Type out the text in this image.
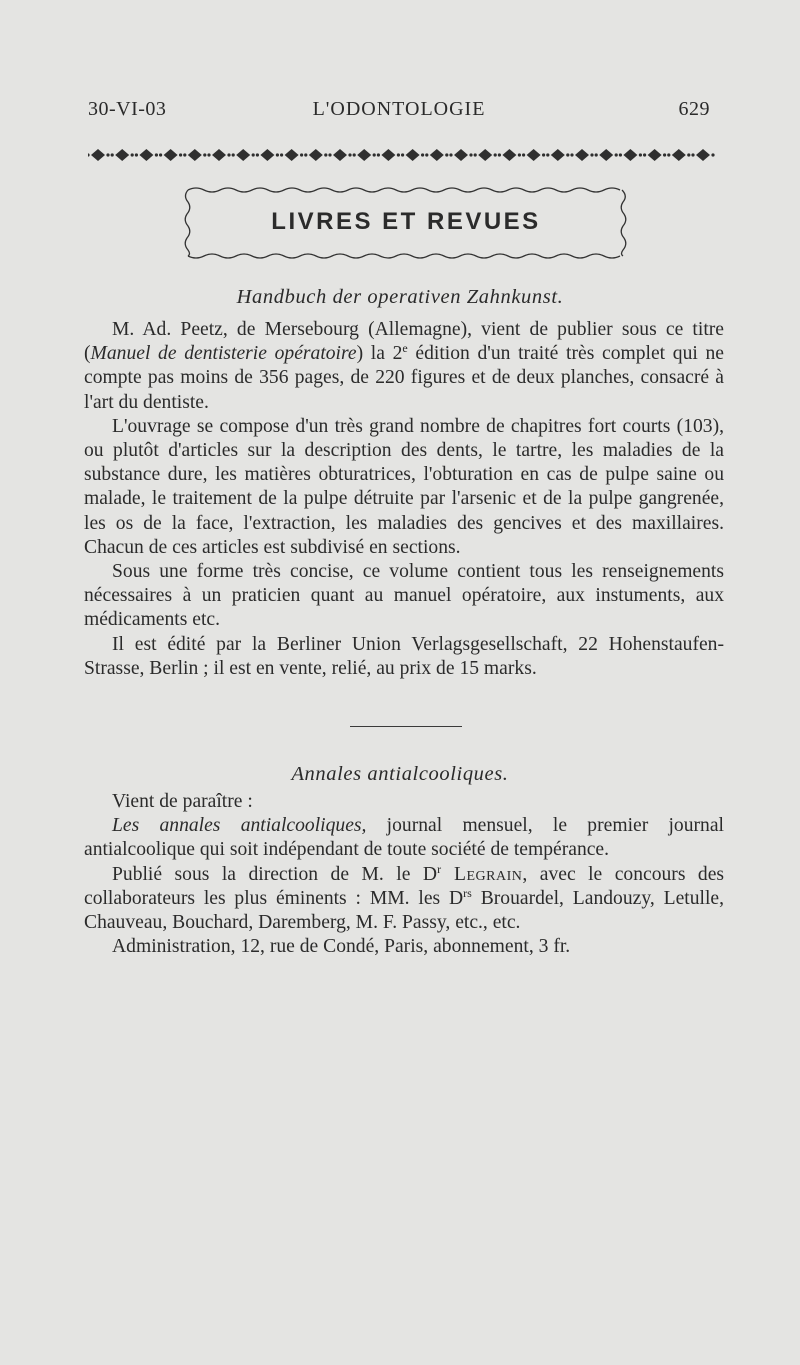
30-VI-03	L'ODONTOLOGIE	629
LIVRES ET REVUES
Handbuch der operativen Zahnkunst.

M. Ad. Peetz, de Mersebourg (Allemagne), vient de publier sous ce titre (Manuel de dentisterie opératoire) la 2e édition d'un traité très complet qui ne compte pas moins de 356 pages, de 220 figures et de deux planches, consacré à l'art du dentiste.

L'ouvrage se compose d'un très grand nombre de chapitres fort courts (103), ou plutôt d'articles sur la description des dents, le tartre, les maladies de la substance dure, les matières obturatrices, l'obturation en cas de pulpe saine ou malade, le traitement de la pulpe détruite par l'arsenic et de la pulpe gangrenée, les os de la face, l'extraction, les maladies des gencives et des maxillaires. Chacun de ces articles est subdivisé en sections.

Sous une forme très concise, ce volume contient tous les renseignements nécessaires à un praticien quant au manuel opératoire, aux instuments, aux médicaments etc.

Il est édité par la Berliner Union Verlagsgesellschaft, 22 Hohenstaufen-Strasse, Berlin ; il est en vente, relié, au prix de 15 marks.

Annales antialcooliques.

Vient de paraître :

Les annales antialcooliques, journal mensuel, le premier journal antialcoolique qui soit indépendant de toute société de tempérance.

Publié sous la direction de M. le $D^r$ Legrain, avec le concours des collaborateurs les plus éminents : MM. les $D^{rs}$ Brouardel, Landouzy, Letulle, Chauveau, Bouchard, Daremberg, M. F. Passy, etc., etc.

Administration, 12, rue de Condé, Paris, abonnement, 3 fr.
